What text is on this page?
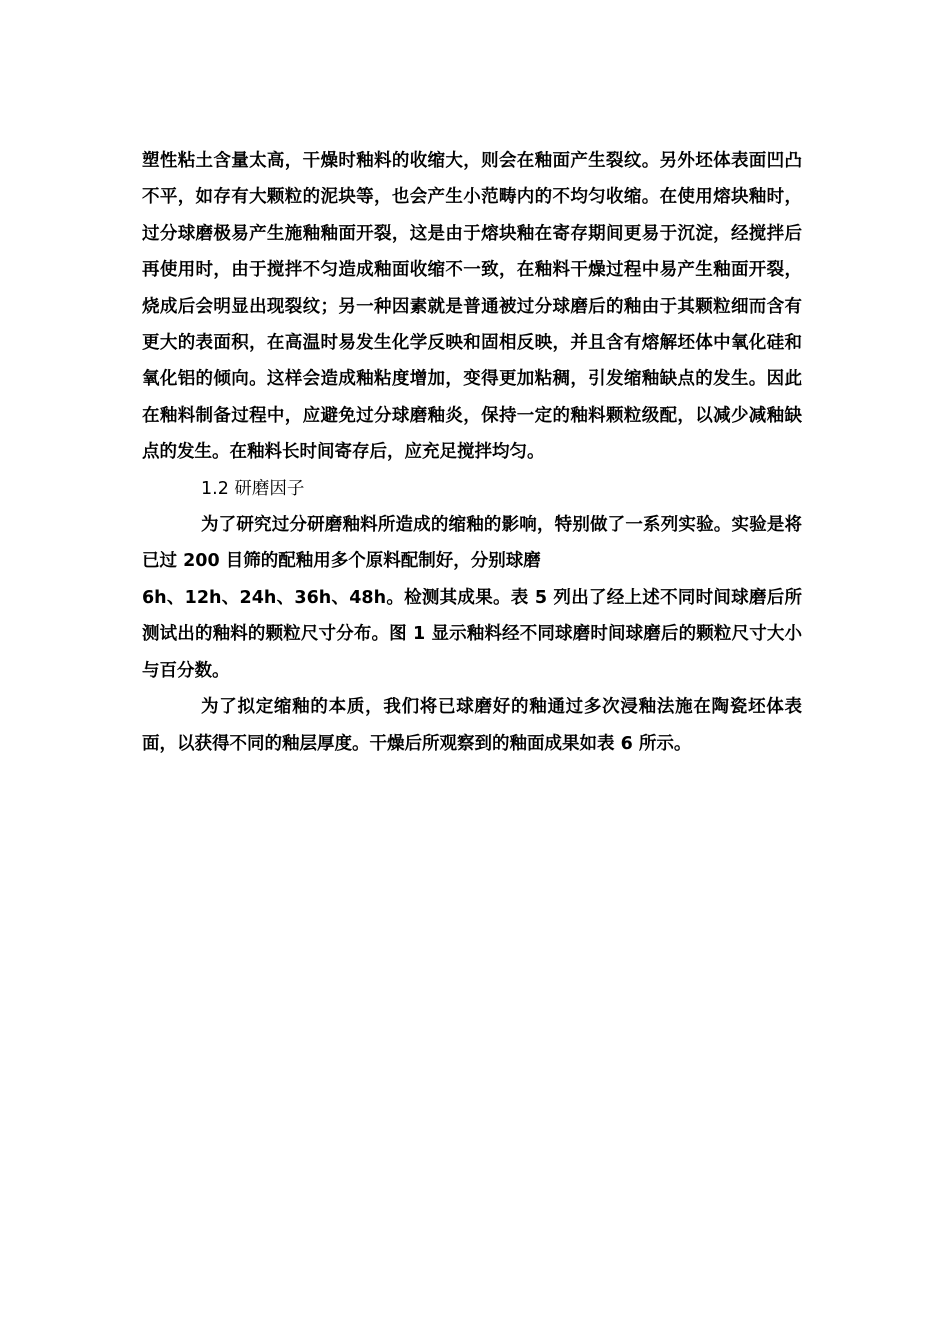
塑性粘土含量太高，干燥时釉料的收缩大，则会在釉面产生裂纹。另外坯体表面凹凸不平，如存有大颗粒的泥块等，也会产生小范畴内的不均匀收缩。在使用熔块釉时，过分球磨极易产生施釉釉面开裂，这是由于熔块釉在寄存期间更易于沉淀，经搅拌后再使用时，由于搅拌不匀造成釉面收缩不一致，在釉料干燥过程中易产生釉面开裂，烧成后会明显出现裂纹；另一种因素就是普通被过分球磨后的釉由于其颗粒细而含有更大的表面积，在高温时易发生化学反映和固相反映，并且含有熔解坯体中氧化硅和氧化铝的倾向。这样会造成釉粘度增加，变得更加粘稠，引发缩釉缺点的发生。因此在釉料制备过程中，应避免过分球磨釉炎，保持一定的釉料颗粒级配，以减少减釉缺点的发生。在釉料长时间寄存后，应充足搅拌均匀。

1.2 研磨因子

为了研究过分研磨釉料所造成的缩釉的影响，特别做了一系列实验。实验是将已过 200 目筛的配釉用多个原料配制好，分别球磨
6h、12h、24h、36h、48h。检测其成果。表 5 列出了经上述不同时间球磨后所测试出的釉料的颗粒尺寸分布。图 1 显示釉料经不同球磨时间球磨后的颗粒尺寸大小与百分数。

为了拟定缩釉的本质，我们将已球磨好的釉通过多次浸釉法施在陶瓷坯体表面，以获得不同的釉层厚度。干燥后所观察到的釉面成果如表 6 所示。
